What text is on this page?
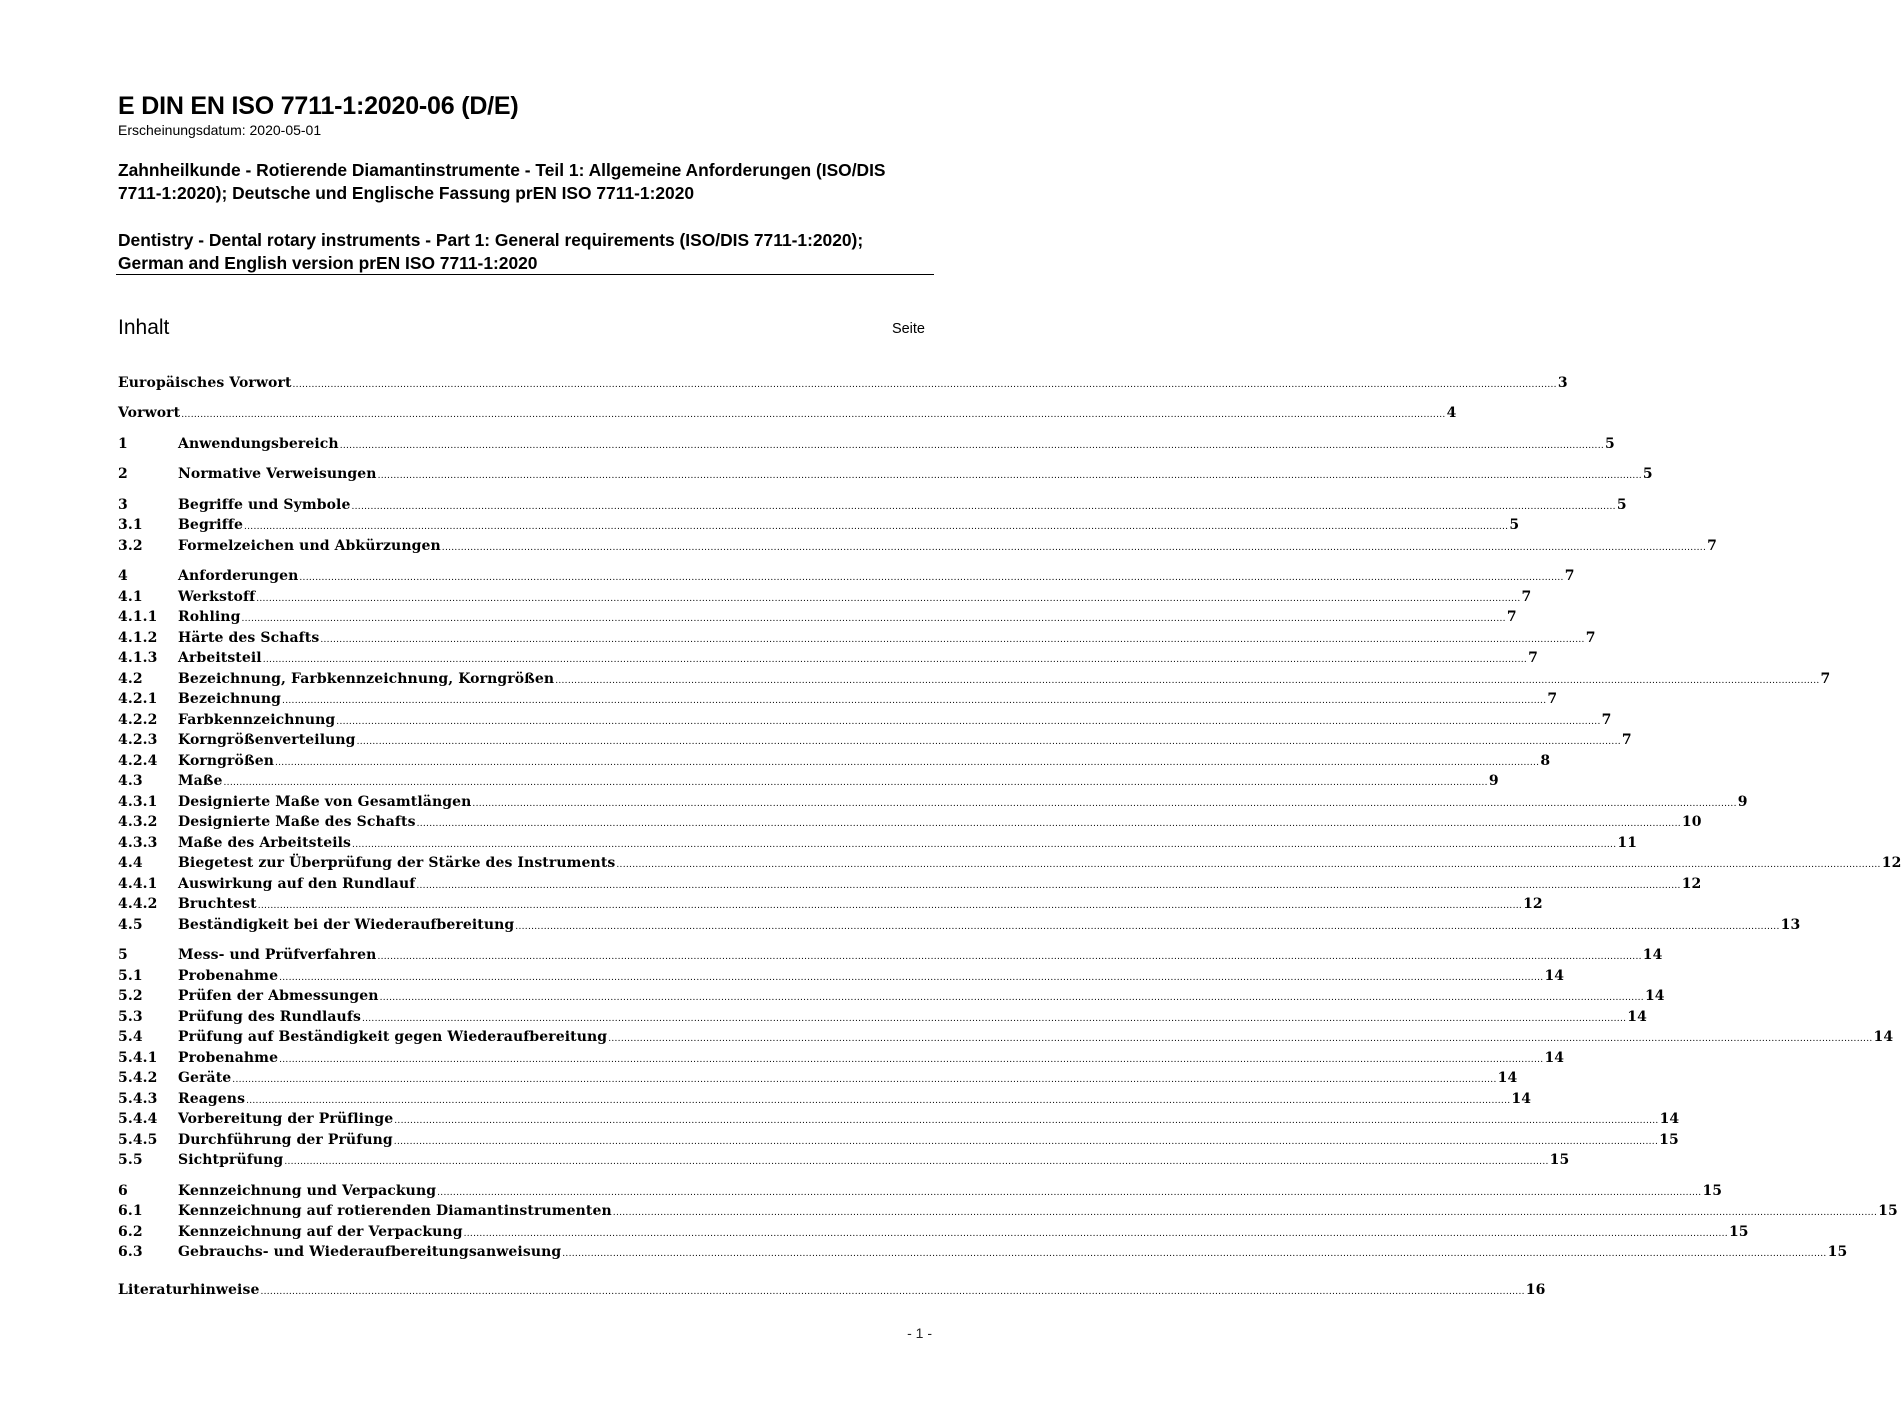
E DIN EN ISO 7711-1:2020-06 (D/E)
Erscheinungsdatum: 2020-05-01
Zahnheilkunde - Rotierende Diamantinstrumente - Teil 1: Allgemeine Anforderungen (ISO/DIS 7711-1:2020); Deutsche und Englische Fassung prEN ISO 7711-1:2020
Dentistry - Dental rotary instruments - Part 1: General requirements (ISO/DIS 7711-1:2020); German and English version prEN ISO 7711-1:2020
Inhalt	Seite
Europäisches Vorwort ................................................................................................................................................................................................................................................................................................................................................................................................................ 3
Vorwort ................................................................................................................................................................................................................................................................................................................................................................................................................ 4
1	Anwendungsbereich ................................................................................................................................................................................................................................................................................................................................................................................................................ 5
2	Normative Verweisungen ................................................................................................................................................................................................................................................................................................................................................................................................................ 5
3	Begriffe und Symbole ................................................................................................................................................................................................................................................................................................................................................................................................................ 5
3.1	Begriffe ................................................................................................................................................................................................................................................................................................................................................................................................................ 5
3.2	Formelzeichen und Abkürzungen ................................................................................................................................................................................................................................................................................................................................................................................................................ 7
4	Anforderungen ................................................................................................................................................................................................................................................................................................................................................................................................................ 7
4.1	Werkstoff ................................................................................................................................................................................................................................................................................................................................................................................................................ 7
4.1.1	Rohling ................................................................................................................................................................................................................................................................................................................................................................................................................ 7
4.1.2	Härte des Schafts ................................................................................................................................................................................................................................................................................................................................................................................................................ 7
4.1.3	Arbeitsteil ................................................................................................................................................................................................................................................................................................................................................................................................................ 7
4.2	Bezeichnung, Farbkennzeichnung, Korngrößen ................................................................................................................................................................................................................................................................................................................................................................................................................ 7
4.2.1	Bezeichnung ................................................................................................................................................................................................................................................................................................................................................................................................................ 7
4.2.2	Farbkennzeichnung ................................................................................................................................................................................................................................................................................................................................................................................................................ 7
4.2.3	Korngrößenverteilung ................................................................................................................................................................................................................................................................................................................................................................................................................ 7
4.2.4	Korngrößen ................................................................................................................................................................................................................................................................................................................................................................................................................ 8
4.3	Maße ................................................................................................................................................................................................................................................................................................................................................................................................................ 9
4.3.1	Designierte Maße von Gesamtlängen ................................................................................................................................................................................................................................................................................................................................................................................................................ 9
4.3.2	Designierte Maße des Schafts ................................................................................................................................................................................................................................................................................................................................................................................................................ 10
4.3.3	Maße des Arbeitsteils ................................................................................................................................................................................................................................................................................................................................................................................................................ 11
4.4	Biegetest zur Überprüfung der Stärke des Instruments ................................................................................................................................................................................................................................................................................................................................................................................................................ 12
4.4.1	Auswirkung auf den Rundlauf ................................................................................................................................................................................................................................................................................................................................................................................................................ 12
4.4.2	Bruchtest ................................................................................................................................................................................................................................................................................................................................................................................................................ 12
4.5	Beständigkeit bei der Wiederaufbereitung ................................................................................................................................................................................................................................................................................................................................................................................................................ 13
5	Mess- und Prüfverfahren ................................................................................................................................................................................................................................................................................................................................................................................................................ 14
5.1	Probenahme ................................................................................................................................................................................................................................................................................................................................................................................................................ 14
5.2	Prüfen der Abmessungen ................................................................................................................................................................................................................................................................................................................................................................................................................ 14
5.3	Prüfung des Rundlaufs ................................................................................................................................................................................................................................................................................................................................................................................................................ 14
5.4	Prüfung auf Beständigkeit gegen Wiederaufbereitung ................................................................................................................................................................................................................................................................................................................................................................................................................ 14
5.4.1	Probenahme ................................................................................................................................................................................................................................................................................................................................................................................................................ 14
5.4.2	Geräte ................................................................................................................................................................................................................................................................................................................................................................................................................ 14
5.4.3	Reagens ................................................................................................................................................................................................................................................................................................................................................................................................................ 14
5.4.4	Vorbereitung der Prüflinge ................................................................................................................................................................................................................................................................................................................................................................................................................ 14
5.4.5	Durchführung der Prüfung ................................................................................................................................................................................................................................................................................................................................................................................................................ 15
5.5	Sichtprüfung ................................................................................................................................................................................................................................................................................................................................................................................................................ 15
6	Kennzeichnung und Verpackung ................................................................................................................................................................................................................................................................................................................................................................................................................ 15
6.1	Kennzeichnung auf rotierenden Diamantinstrumenten ................................................................................................................................................................................................................................................................................................................................................................................................................ 15
6.2	Kennzeichnung auf der Verpackung ................................................................................................................................................................................................................................................................................................................................................................................................................ 15
6.3	Gebrauchs- und Wiederaufbereitungsanweisung ................................................................................................................................................................................................................................................................................................................................................................................................................ 15
Literaturhinweise ................................................................................................................................................................................................................................................................................................................................................................................................................ 16
- 1 -
